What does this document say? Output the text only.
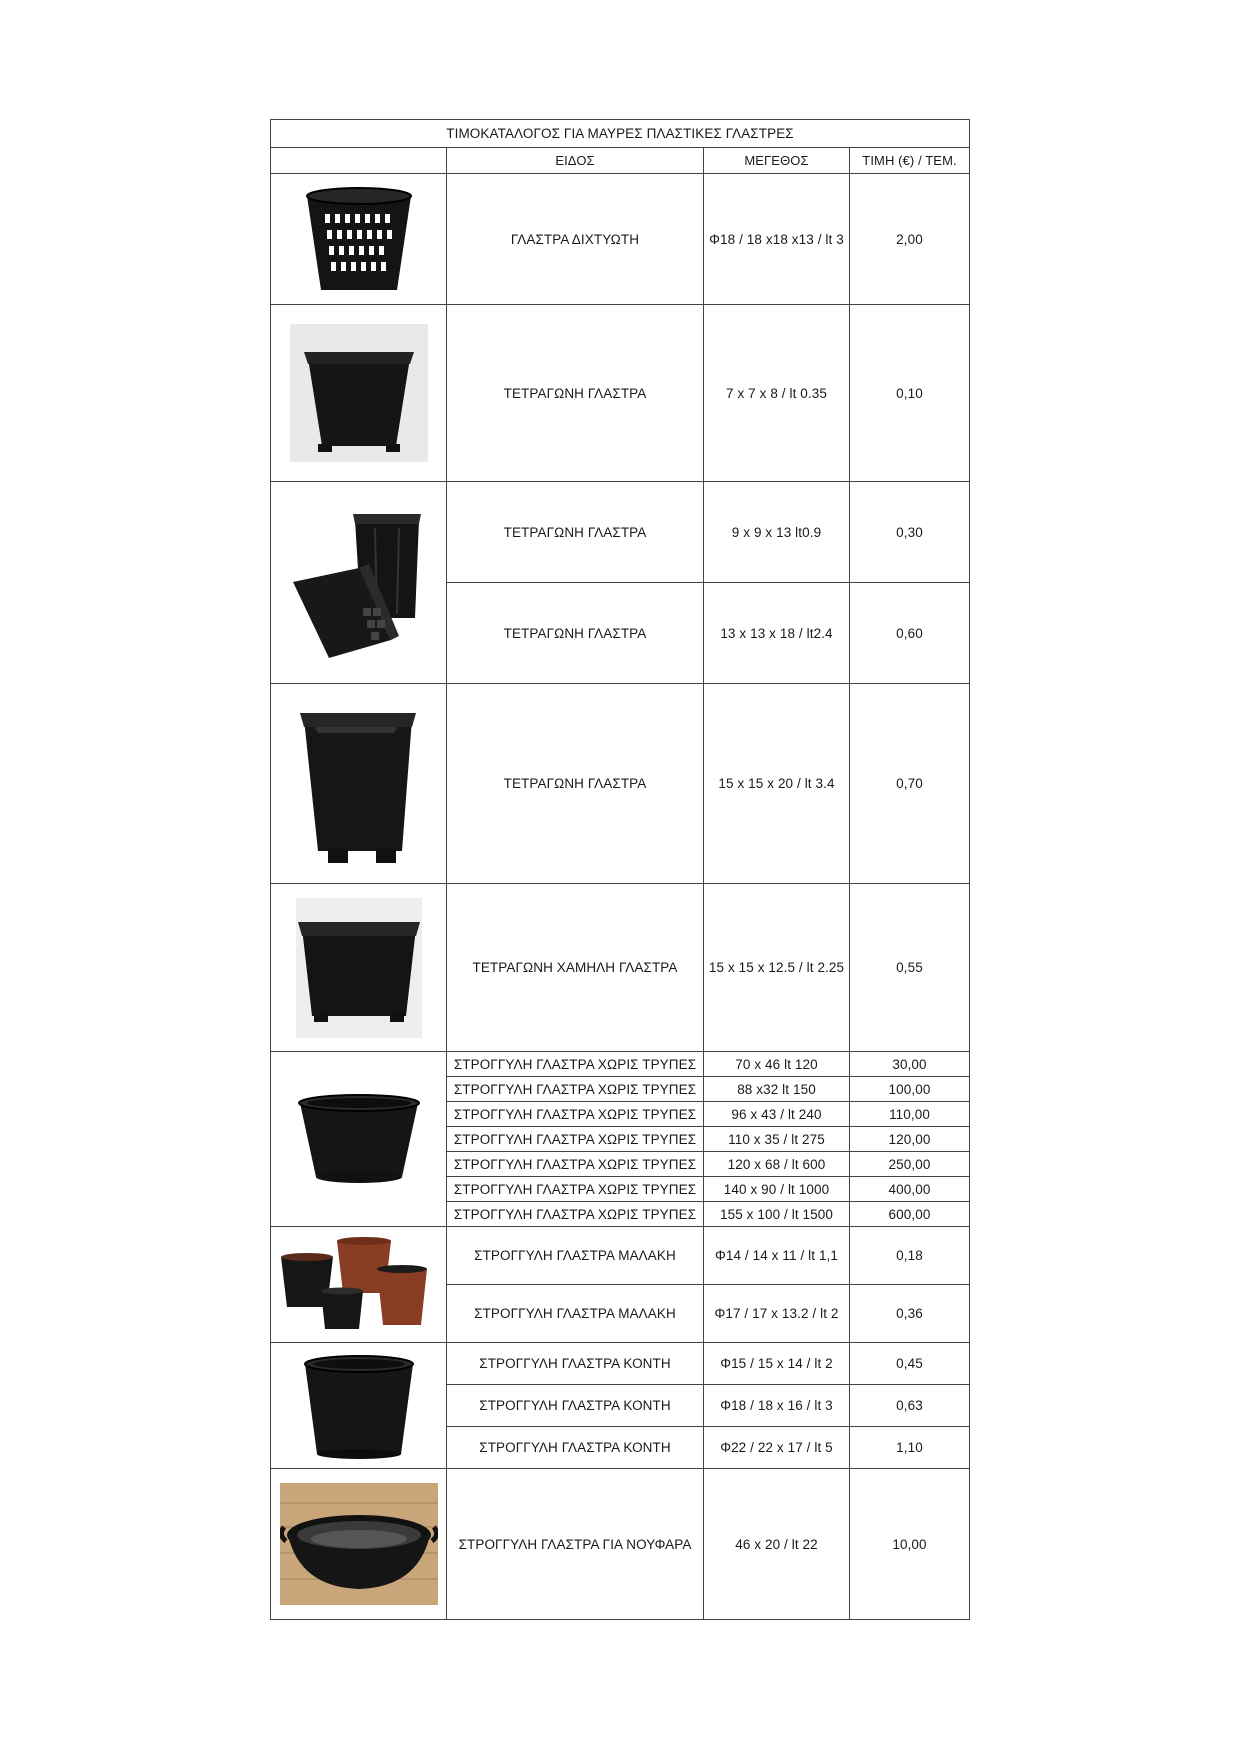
ΤΙΜΟΚΑΤΑΛΟΓΟΣ ΓΙΑ ΜΑΥΡΕΣ ΠΛΑΣΤΙΚΕΣ ΓΛΑΣΤΡΕΣ			
	ΕΙΔΟΣ	ΜΕΓΕΘΟΣ	ΤΙΜΗ (€) / ΤΕΜ.

	ΓΛΑΣΤΡΑ ΔΙΧΤΥΩΤΗ	Φ18 / 18 x18 x13 / lt 3	2,00

	ΤΕΤΡΑΓΩΝΗ ΓΛΑΣΤΡΑ	7 x 7 x 8 / lt 0.35	0,10

	ΤΕΤΡΑΓΩΝΗ ΓΛΑΣΤΡΑ	9 x 9 x 13 lt0.9	0,30
	ΤΕΤΡΑΓΩΝΗ ΓΛΑΣΤΡΑ	13 x 13 x 18 / lt2.4	0,60

	ΤΕΤΡΑΓΩΝΗ ΓΛΑΣΤΡΑ	15 x 15 x 20 / lt 3.4	0,70

	ΤΕΤΡΑΓΩΝΗ ΧΑΜΗΛΗ ΓΛΑΣΤΡΑ	15 x 15 x 12.5 / lt 2.25	0,55

	ΣΤΡΟΓΓΥΛΗ ΓΛΑΣΤΡΑ ΧΩΡΙΣ ΤΡΥΠΕΣ	70 x 46 lt 120	30,00
	ΣΤΡΟΓΓΥΛΗ ΓΛΑΣΤΡΑ ΧΩΡΙΣ ΤΡΥΠΕΣ	88 x32 lt 150	100,00
	ΣΤΡΟΓΓΥΛΗ ΓΛΑΣΤΡΑ ΧΩΡΙΣ ΤΡΥΠΕΣ	96 x 43 / lt 240	110,00
	ΣΤΡΟΓΓΥΛΗ ΓΛΑΣΤΡΑ ΧΩΡΙΣ ΤΡΥΠΕΣ	110 x 35 / lt 275	120,00
	ΣΤΡΟΓΓΥΛΗ ΓΛΑΣΤΡΑ ΧΩΡΙΣ ΤΡΥΠΕΣ	120 x 68 / lt 600	250,00
	ΣΤΡΟΓΓΥΛΗ ΓΛΑΣΤΡΑ ΧΩΡΙΣ ΤΡΥΠΕΣ	140 x 90 / lt 1000	400,00
	ΣΤΡΟΓΓΥΛΗ ΓΛΑΣΤΡΑ ΧΩΡΙΣ ΤΡΥΠΕΣ	155 x 100 / lt 1500	600,00

	ΣΤΡΟΓΓΥΛΗ ΓΛΑΣΤΡΑ ΜΑΛΑΚΗ	Φ14 / 14 x 11 / lt 1,1	0,18
	ΣΤΡΟΓΓΥΛΗ ΓΛΑΣΤΡΑ ΜΑΛΑΚΗ	Φ17 / 17 x 13.2 / lt 2	0,36

	ΣΤΡΟΓΓΥΛΗ ΓΛΑΣΤΡΑ ΚΟΝΤΗ	Φ15 / 15 x 14 / lt 2	0,45
	ΣΤΡΟΓΓΥΛΗ ΓΛΑΣΤΡΑ ΚΟΝΤΗ	Φ18 / 18 x 16 / lt 3	0,63
	ΣΤΡΟΓΓΥΛΗ ΓΛΑΣΤΡΑ ΚΟΝΤΗ	Φ22 / 22 x 17 / lt 5	1,10

	ΣΤΡΟΓΓΥΛΗ ΓΛΑΣΤΡΑ ΓΙΑ ΝΟΥΦΑΡΑ	46 x 20 / lt 22	10,00
